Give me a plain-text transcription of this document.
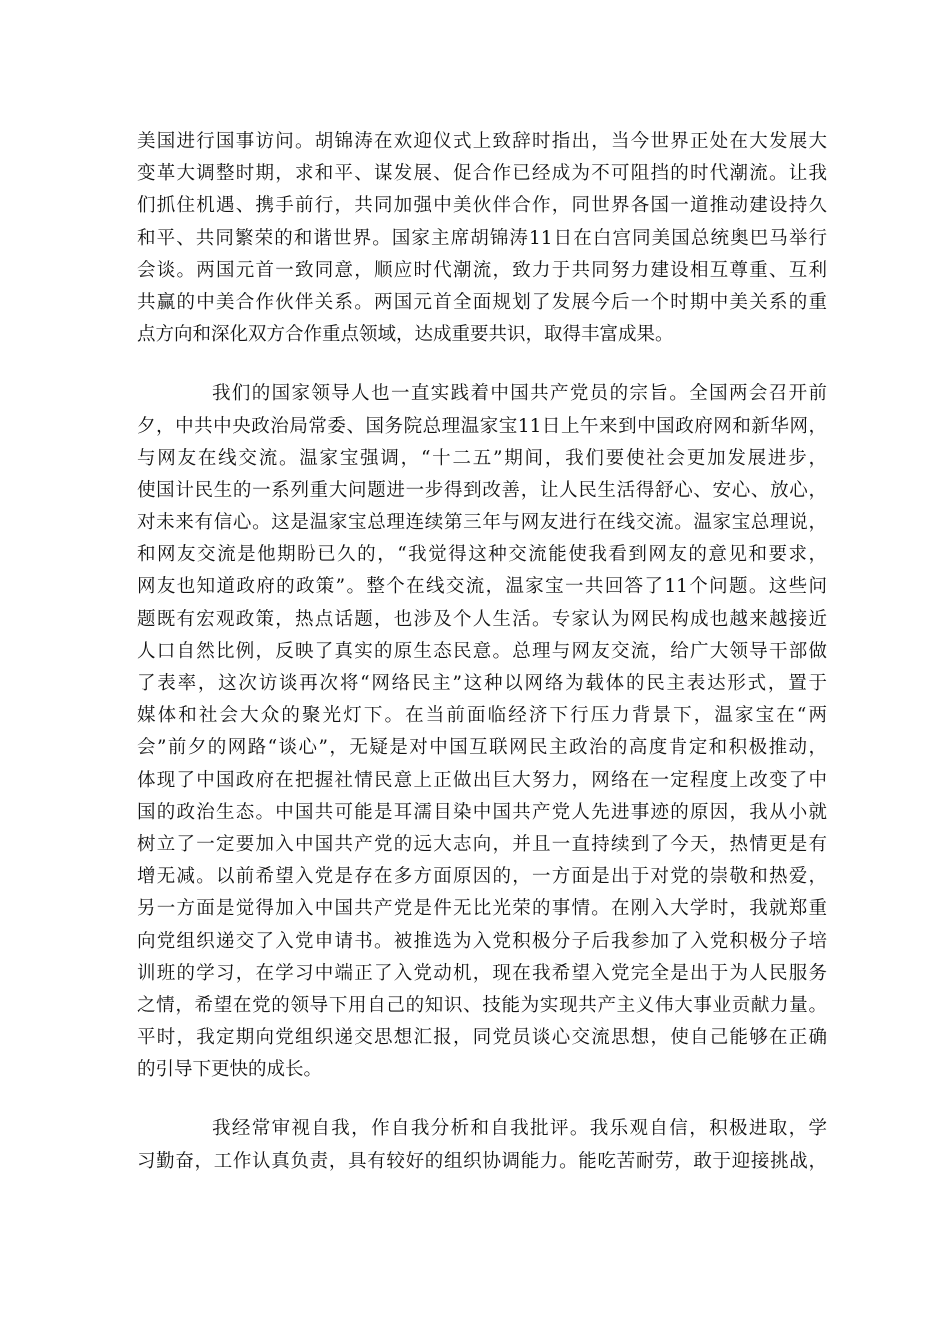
美国进行国事访问。胡锦涛在欢迎仪式上致辞时指出，当今世界正处在大发展大
变革大调整时期，求和平、谋发展、促合作已经成为不可阻挡的时代潮流。让我
们抓住机遇、携手前行，共同加强中美伙伴合作，同世界各国一道推动建设持久
和平、共同繁荣的和谐世界。国家主席胡锦涛11日在白宫同美国总统奥巴马举行
会谈。两国元首一致同意，顺应时代潮流，致力于共同努力建设相互尊重、互利
共赢的中美合作伙伴关系。两国元首全面规划了发展今后一个时期中美关系的重
点方向和深化双方合作重点领域，达成重要共识，取得丰富成果。

我们的国家领导人也一直实践着中国共产党员的宗旨。全国两会召开前
夕，中共中央政治局常委、国务院总理温家宝11日上午来到中国政府网和新华网，
与网友在线交流。温家宝强调，“十二五”期间，我们要使社会更加发展进步，
使国计民生的一系列重大问题进一步得到改善，让人民生活得舒心、安心、放心，
对未来有信心。这是温家宝总理连续第三年与网友进行在线交流。温家宝总理说，
和网友交流是他期盼已久的，“我觉得这种交流能使我看到网友的意见和要求，
网友也知道政府的政策”。整个在线交流，温家宝一共回答了11个问题。这些问
题既有宏观政策，热点话题，也涉及个人生活。专家认为网民构成也越来越接近
人口自然比例，反映了真实的原生态民意。总理与网友交流，给广大领导干部做
了表率，这次访谈再次将“网络民主”这种以网络为载体的民主表达形式，置于
媒体和社会大众的聚光灯下。在当前面临经济下行压力背景下，温家宝在“两
会”前夕的网路“谈心”，无疑是对中国互联网民主政治的高度肯定和积极推动，
体现了中国政府在把握社情民意上正做出巨大努力，网络在一定程度上改变了中
国的政治生态。中国共可能是耳濡目染中国共产党人先进事迹的原因，我从小就
树立了一定要加入中国共产党的远大志向，并且一直持续到了今天，热情更是有
增无减。以前希望入党是存在多方面原因的，一方面是出于对党的崇敬和热爱，
另一方面是觉得加入中国共产党是件无比光荣的事情。在刚入大学时，我就郑重
向党组织递交了入党申请书。被推选为入党积极分子后我参加了入党积极分子培
训班的学习，在学习中端正了入党动机，现在我希望入党完全是出于为人民服务
之情，希望在党的领导下用自己的知识、技能为实现共产主义伟大事业贡献力量。
平时，我定期向党组织递交思想汇报，同党员谈心交流思想，使自己能够在正确
的引导下更快的成长。

我经常审视自我，作自我分析和自我批评。我乐观自信，积极进取，学
习勤奋，工作认真负责，具有较好的组织协调能力。能吃苦耐劳，敢于迎接挑战，
